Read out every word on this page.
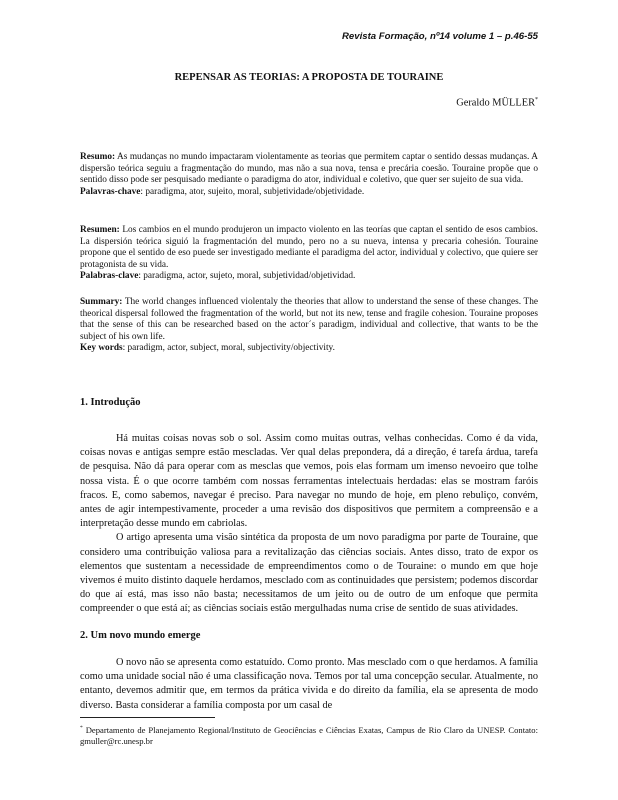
Revista Formação, nº14 volume 1 – p.46-55
REPENSAR AS TEORIAS: A PROPOSTA DE TOURAINE
Geraldo MÜLLER*

Resumo: As mudanças no mundo impactaram violentamente as teorias que permitem captar o sentido dessas mudanças. A dispersão teórica seguiu a fragmentação do mundo, mas não a sua nova, tensa e precária coesão. Touraine propõe que o sentido disso pode ser pesquisado mediante o paradigma do ator, individual e coletivo, que quer ser sujeito de sua vida.

Palavras-chave: paradigma, ator, sujeito, moral, subjetividade/objetividade.

Resumen: Los cambios en el mundo produjeron un impacto violento en las teorías que captan el sentido de esos cambios. La dispersión teórica siguió la fragmentación del mundo, pero no a su nueva, intensa y precaria cohesión. Touraine propone que el sentido de eso puede ser investigado mediante el paradigma del actor, individual y colectivo, que quiere ser protagonista de su vida.

Palabras-clave: paradigma, actor, sujeto, moral, subjetividad/objetividad.

Summary: The world changes influenced violentaly the theories that allow to understand the sense of these changes. The theorical dispersal followed the fragmentation of the world, but not its new, tense and fragile cohesion. Touraine proposes that the sense of this can be researched based on the actor´s paradigm, individual and collective, that wants to be the subject of his own life.

Key words: paradigm, actor, subject, moral, subjectivity/objectivity.

1. Introdução

Há muitas coisas novas sob o sol. Assim como muitas outras, velhas conhecidas. Como é da vida, coisas novas e antigas sempre estão mescladas. Ver qual delas prepondera, dá a direção, é tarefa árdua, tarefa de pesquisa. Não dá para operar com as mesclas que vemos, pois elas formam um imenso nevoeiro que tolhe nossa vista. É o que ocorre também com nossas ferramentas intelectuais herdadas: elas se mostram faróis fracos. E, como sabemos, navegar é preciso. Para navegar no mundo de hoje, em pleno rebuliço, convém, antes de agir intempestivamente, proceder a uma revisão dos dispositivos que permitem a compreensão e a interpretação desse mundo em cabriolas.

O artigo apresenta uma visão sintética da proposta de um novo paradigma por parte de Touraine, que considero uma contribuição valiosa para a revitalização das ciências sociais. Antes disso, trato de expor os elementos que sustentam a necessidade de empreendimentos como o de Touraine: o mundo em que hoje vivemos é muito distinto daquele herdamos, mesclado com as continuidades que persistem; podemos discordar do que aí está, mas isso não basta; necessitamos de um jeito ou de outro de um enfoque que permita compreender o que está aí; as ciências sociais estão mergulhadas numa crise de sentido de suas atividades.

2. Um novo mundo emerge

O novo não se apresenta como estatuído. Como pronto. Mas mesclado com o que herdamos. A família como uma unidade social não é uma classificação nova. Temos por tal uma concepção secular. Atualmente, no entanto, devemos admitir que, em termos da prática vivida e do direito da família, ela se apresenta de modo diverso. Basta considerar a família composta por um casal de

* Departamento de Planejamento Regional/Instituto de Geociências e Ciências Exatas, Campus de Rio Claro da UNESP. Contato: gmuller@rc.unesp.br
